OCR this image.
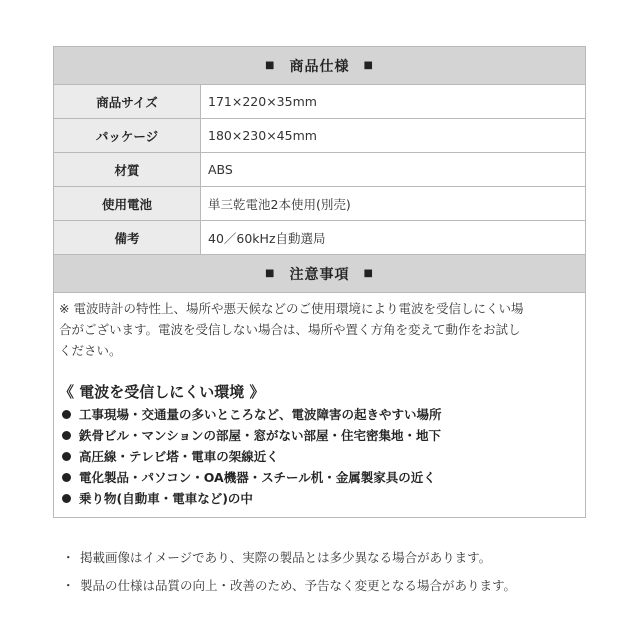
■ 商品仕様 ■
商品サイズ	171×220×35mm
パッケージ	180×230×45mm
材質	ABS
使用電池	単三乾電池2本使用(別売)
備考	40／60kHz自動選局
■ 注意事項 ■
※ 電波時計の特性上、場所や悪天候などのご使用環境により電波を受信しにくい場
合がございます。電波を受信しない場合は、場所や置く方角を変えて動作をお試し
ください。
《 電波を受信しにくい環境 》
工事現場・交通量の多いところなど、電波障害の起きやすい場所
鉄骨ビル・マンションの部屋・窓がない部屋・住宅密集地・地下
高圧線・テレビ塔・電車の架線近く
電化製品・パソコン・OA機器・スチール机・金属製家具の近く
乗り物(自動車・電車など)の中
・ 掲載画像はイメージであり、実際の製品とは多少異なる場合があります。
・ 製品の仕様は品質の向上・改善のため、予告なく変更となる場合があります。
